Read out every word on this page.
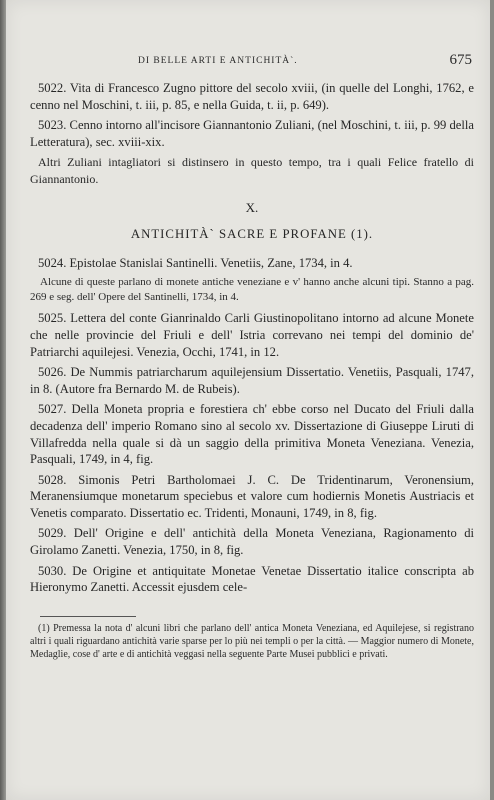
DI BELLE ARTI E ANTICHITÀ`.	675

5022. Vita di Francesco Zugno pittore del secolo xviii, (in quelle del Longhi, 1762, e cenno nel Moschini, t. iii, p. 85, e nella Guida, t. ii, p. 649).

5023. Cenno intorno all'incisore Giannantonio Zuliani, (nel Moschini, t. iii, p. 99 della Letteratura), sec. xviii-xix.

Altri Zuliani intagliatori si distinsero in questo tempo, tra i quali Felice fratello di Giannantonio.

X.
ANTICHITÀ` SACRE E PROFANE (1).

5024. Epistolae Stanislai Santinelli. Venetiis, Zane, 1734, in 4.

Alcune di queste parlano di monete antiche veneziane e v' hanno anche alcuni tipi. Stanno a pag. 269 e seg. dell' Opere del Santinelli, 1734, in 4.

5025. Lettera del conte Gianrinaldo Carli Giustinopolitano intorno ad alcune Monete che nelle provincie del Friuli e dell' Istria correvano nei tempi del dominio de' Patriarchi aquilejesi. Venezia, Occhi, 1741, in 12.

5026. De Nummis patriarcharum aquilejensium Dissertatio. Venetiis, Pasquali, 1747, in 8. (Autore fra Bernardo M. de Rubeis).

5027. Della Moneta propria e forestiera ch' ebbe corso nel Ducato del Friuli dalla decadenza dell' imperio Romano sino al secolo xv. Dissertazione di Giuseppe Liruti di Villafredda nella quale si dà un saggio della primitiva Moneta Veneziana. Venezia, Pasquali, 1749, in 4, fig.

5028. Simonis Petri Bartholomaei J. C. De Tridentinarum, Veronensium, Meranensiumque monetarum speciebus et valore cum hodiernis Monetis Austriacis et Venetis comparato. Dissertatio ec. Tridenti, Monauni, 1749, in 8, fig.

5029. Dell' Origine e dell' antichità della Moneta Veneziana, Ragionamento di Girolamo Zanetti. Venezia, 1750, in 8, fig.

5030. De Origine et antiquitate Monetae Venetae Dissertatio italice conscripta ab Hieronymo Zanetti. Accessit ejusdem cele-

(1) Premessa la nota d' alcuni libri che parlano dell' antica Moneta Veneziana, ed Aquilejese, si registrano altri i quali riguardano antichità varie sparse per lo più nei templi o per la città. — Maggior numero di Monete, Medaglie, cose d' arte e di antichità veggasi nella seguente Parte Musei pubblici e privati.
